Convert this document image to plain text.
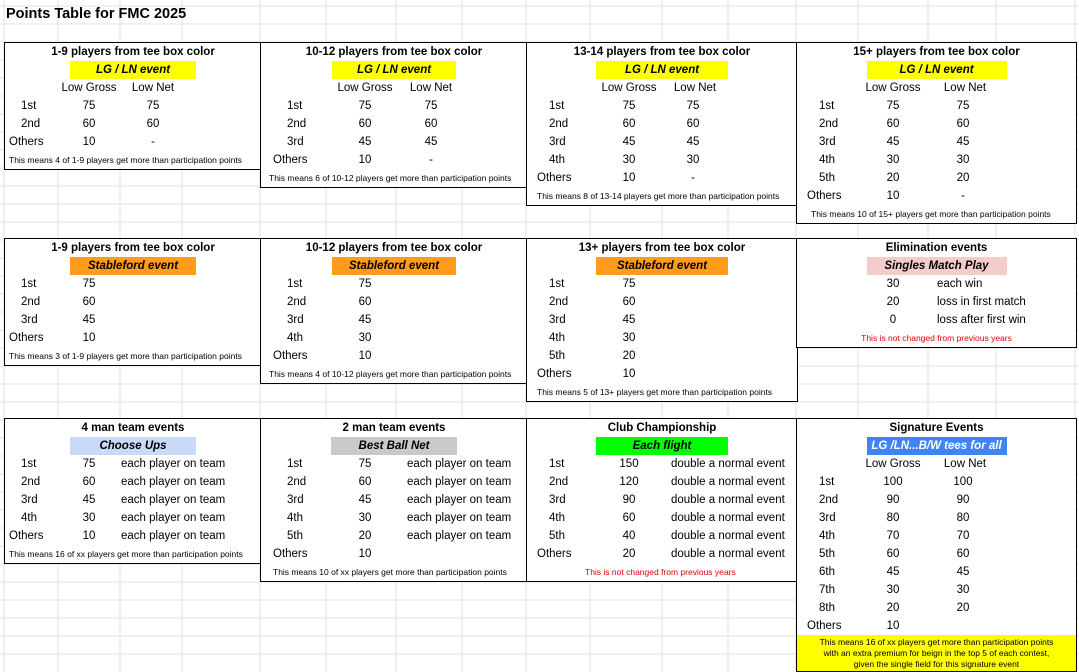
Points Table for FMC 2025
1-9 players from tee box color
LG / LN event
Low Gross	Low Net
1st	75	75
2nd	60	60
Others	10	-
This means 4 of 1-9 players get more than participation points
10-12 players from tee box color
LG / LN event
Low Gross	Low Net
1st	75	75
2nd	60	60
3rd	45	45
Others	10	-
This means 6 of 10-12 players get more than participation points
13-14 players from tee box color
LG / LN event
Low Gross	Low Net
1st	75	75
2nd	60	60
3rd	45	45
4th	30	30
Others	10	-
This means 8 of 13-14 players get more than participation points
15+ players from tee box color
LG / LN event
Low Gross	Low Net
1st	75	75
2nd	60	60
3rd	45	45
4th	30	30
5th	20	20
Others	10	-
This means 10 of 15+ players get more than participation points
1-9 players from tee box color
Stableford event
1st	75
2nd	60
3rd	45
Others	10
This means 3 of 1-9 players get more than participation points
10-12 players from tee box color
Stableford event
1st	75
2nd	60
3rd	45
4th	30
Others	10
This means 4 of 10-12 players get more than participation points
13+ players from tee box color
Stableford event
1st	75
2nd	60
3rd	45
4th	30
5th	20
Others	10
This means 5 of 13+ players get more than participation points
Elimination events
Singles Match Play
30	each win
20	loss in first match
0	loss after first win
This is not changed from previous years
4 man team events
Choose Ups
1st	75	each player on team
2nd	60	each player on team
3rd	45	each player on team
4th	30	each player on team
Others	10	each player on team
This means 16 of xx players get more than participation points
2 man team events
Best Ball Net
1st	75	each player on team
2nd	60	each player on team
3rd	45	each player on team
4th	30	each player on team
5th	20	each player on team
Others	10
This means 10 of xx players get more than participation points
Club Championship
Each flight
1st	150	double a normal event
2nd	120	double a normal event
3rd	90	double a normal event
4th	60	double a normal event
5th	40	double a normal event
Others	20	double a normal event
This is not changed from previous years
Signature Events
LG /LN...B/W tees for all
Low Gross	Low Net
1st	100	100
2nd	90	90
3rd	80	80
4th	70	70
5th	60	60
6th	45	45
7th	30	30
8th	20	20
Others	10
This means 16 of xx players get more than participation points
with an extra premium for beign in the top 5 of each contest,
given the single field for this signature event
